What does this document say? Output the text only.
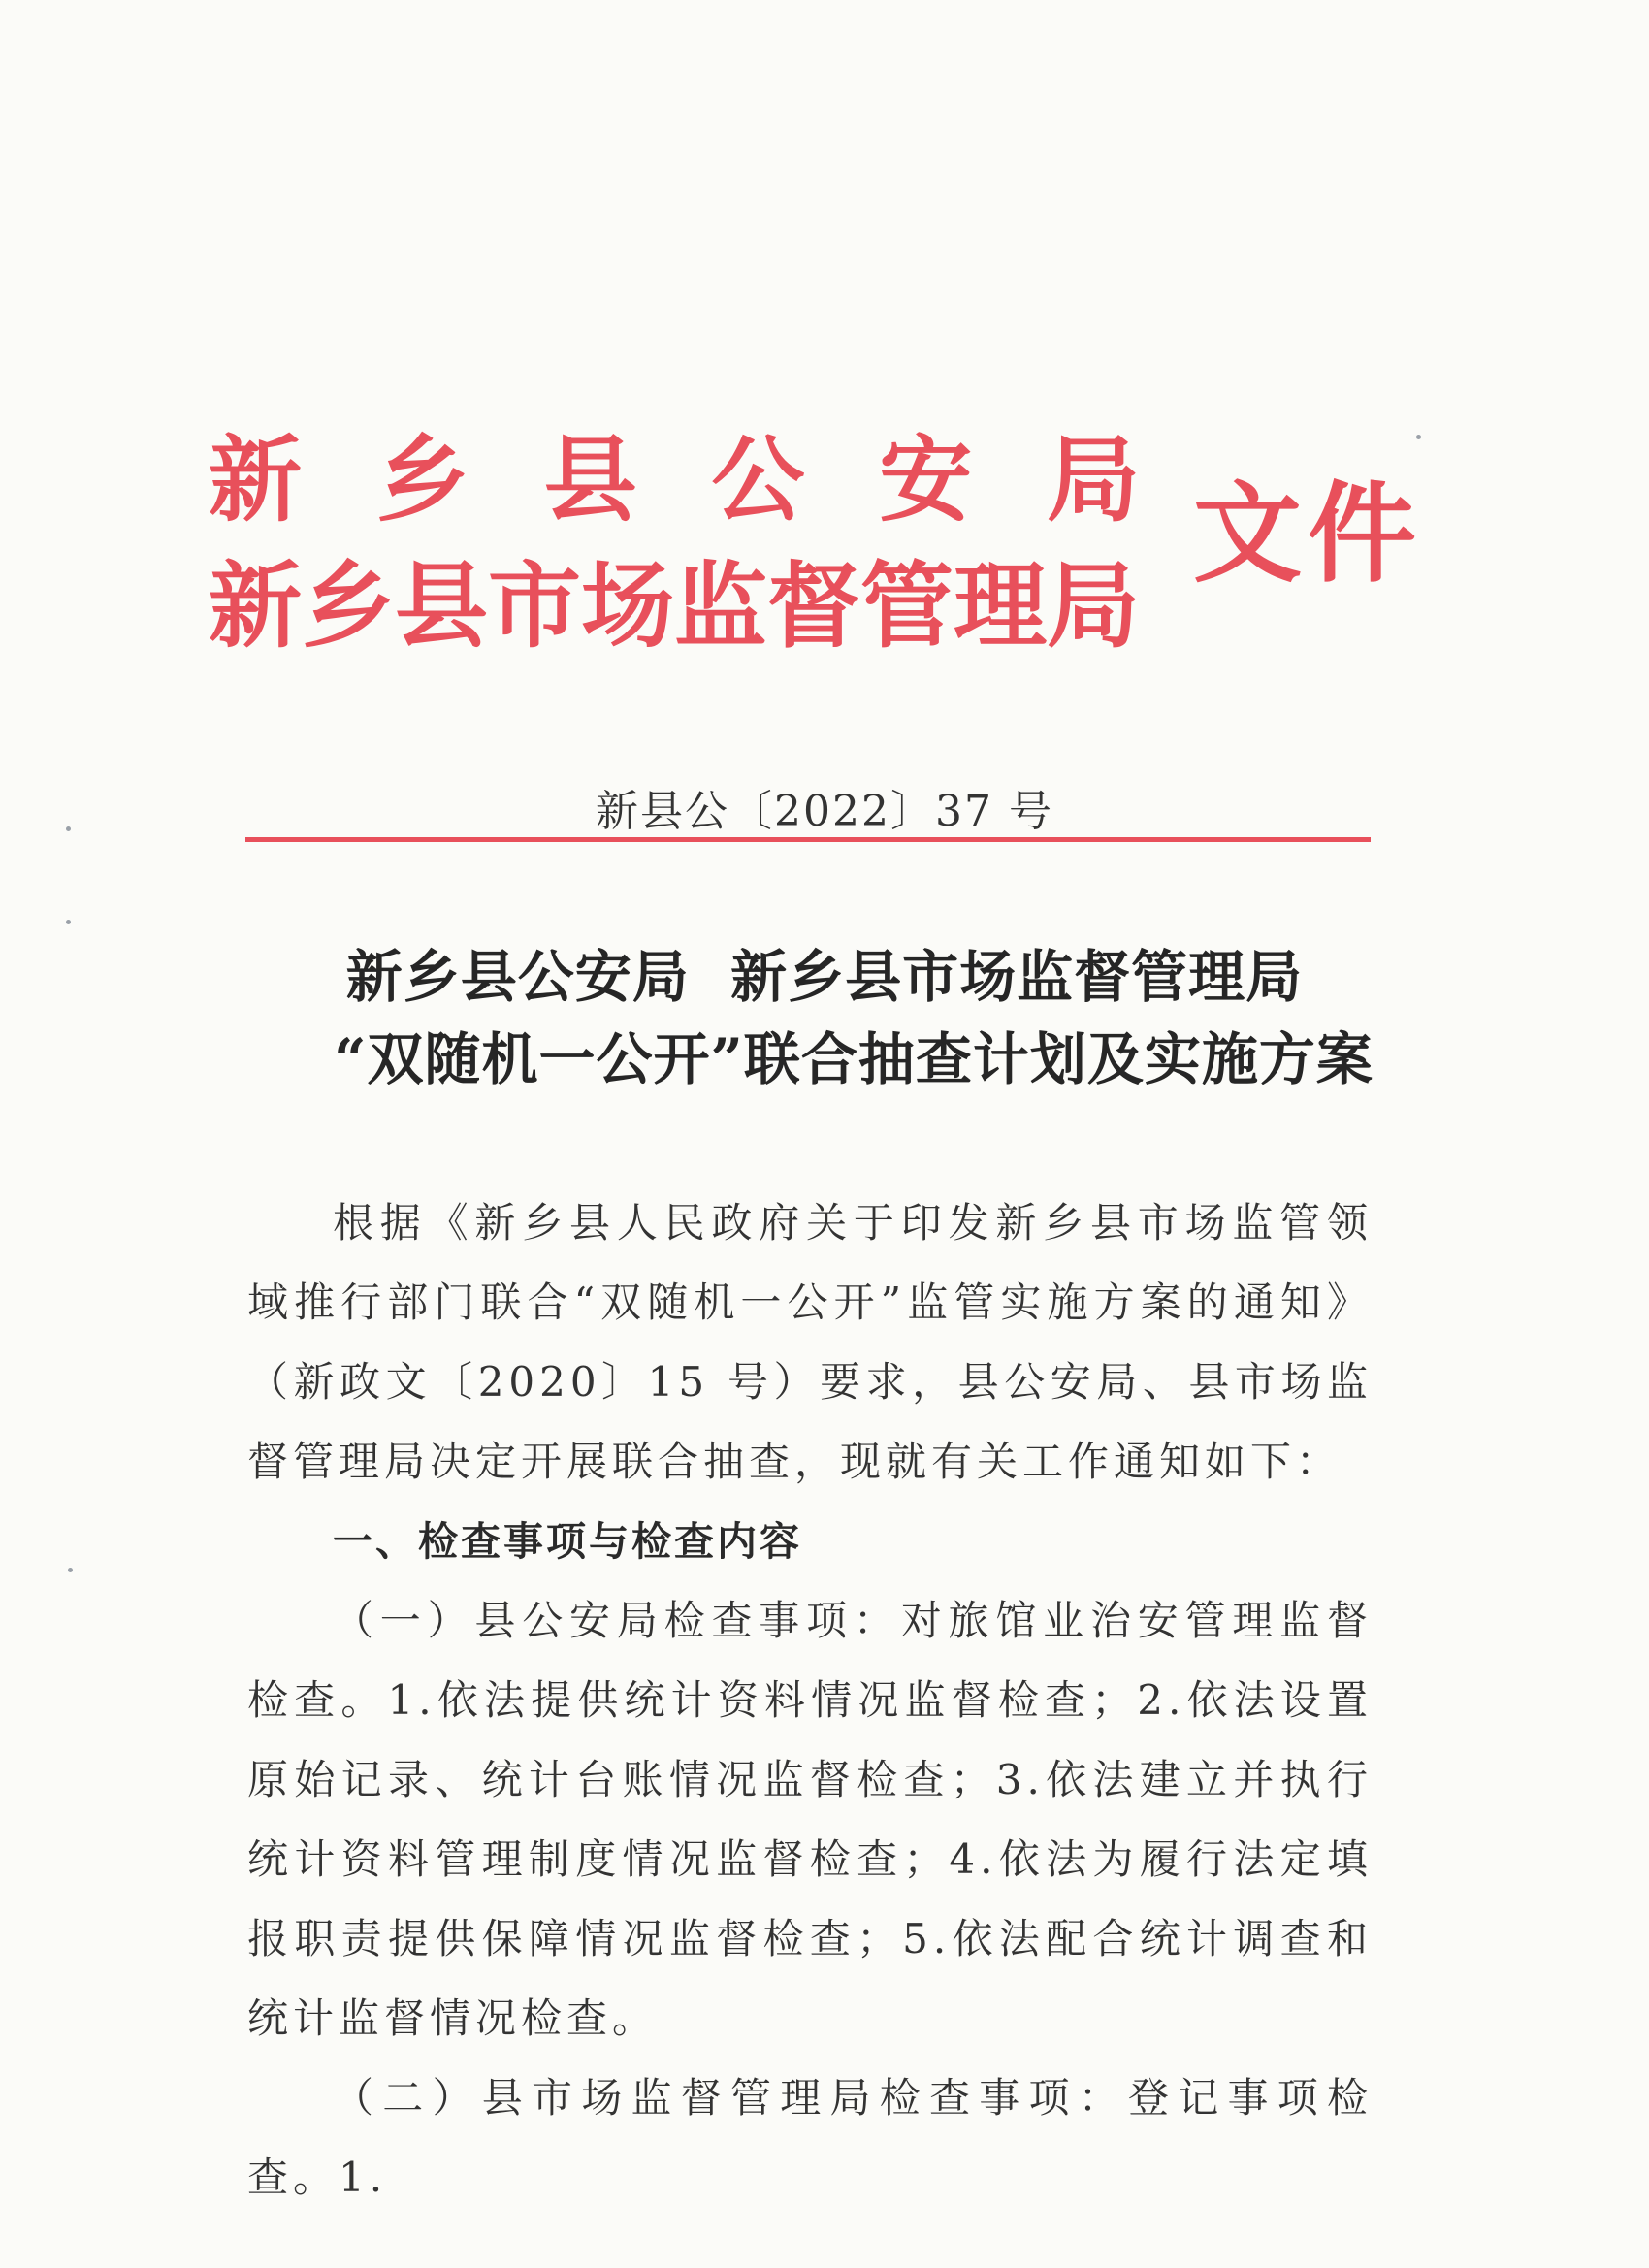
新 乡 县 公 安 局
新 乡 县 市 场 监 督 管 理 局
文件
新县公〔2022〕37 号
新乡县公安局  新乡县市场监督管理局
“双随机一公开”联合抽查计划及实施方案

根据《新乡县人民政府关于印发新乡县市场监管领域推行部门联合“双随机一公开”监管实施方案的通知》（新政文〔2020〕15 号）要求，县公安局、县市场监督管理局决定开展联合抽查，现就有关工作通知如下：

一、检查事项与检查内容

（一）县公安局检查事项：对旅馆业治安管理监督检查。1.依法提供统计资料情况监督检查；2.依法设置原始记录、统计台账情况监督检查；3.依法建立并执行统计资料管理制度情况监督检查；4.依法为履行法定填报职责提供保障情况监督检查；5.依法配合统计调查和统计监督情况检查。

（二）县市场监督管理局检查事项：登记事项检查。1.
